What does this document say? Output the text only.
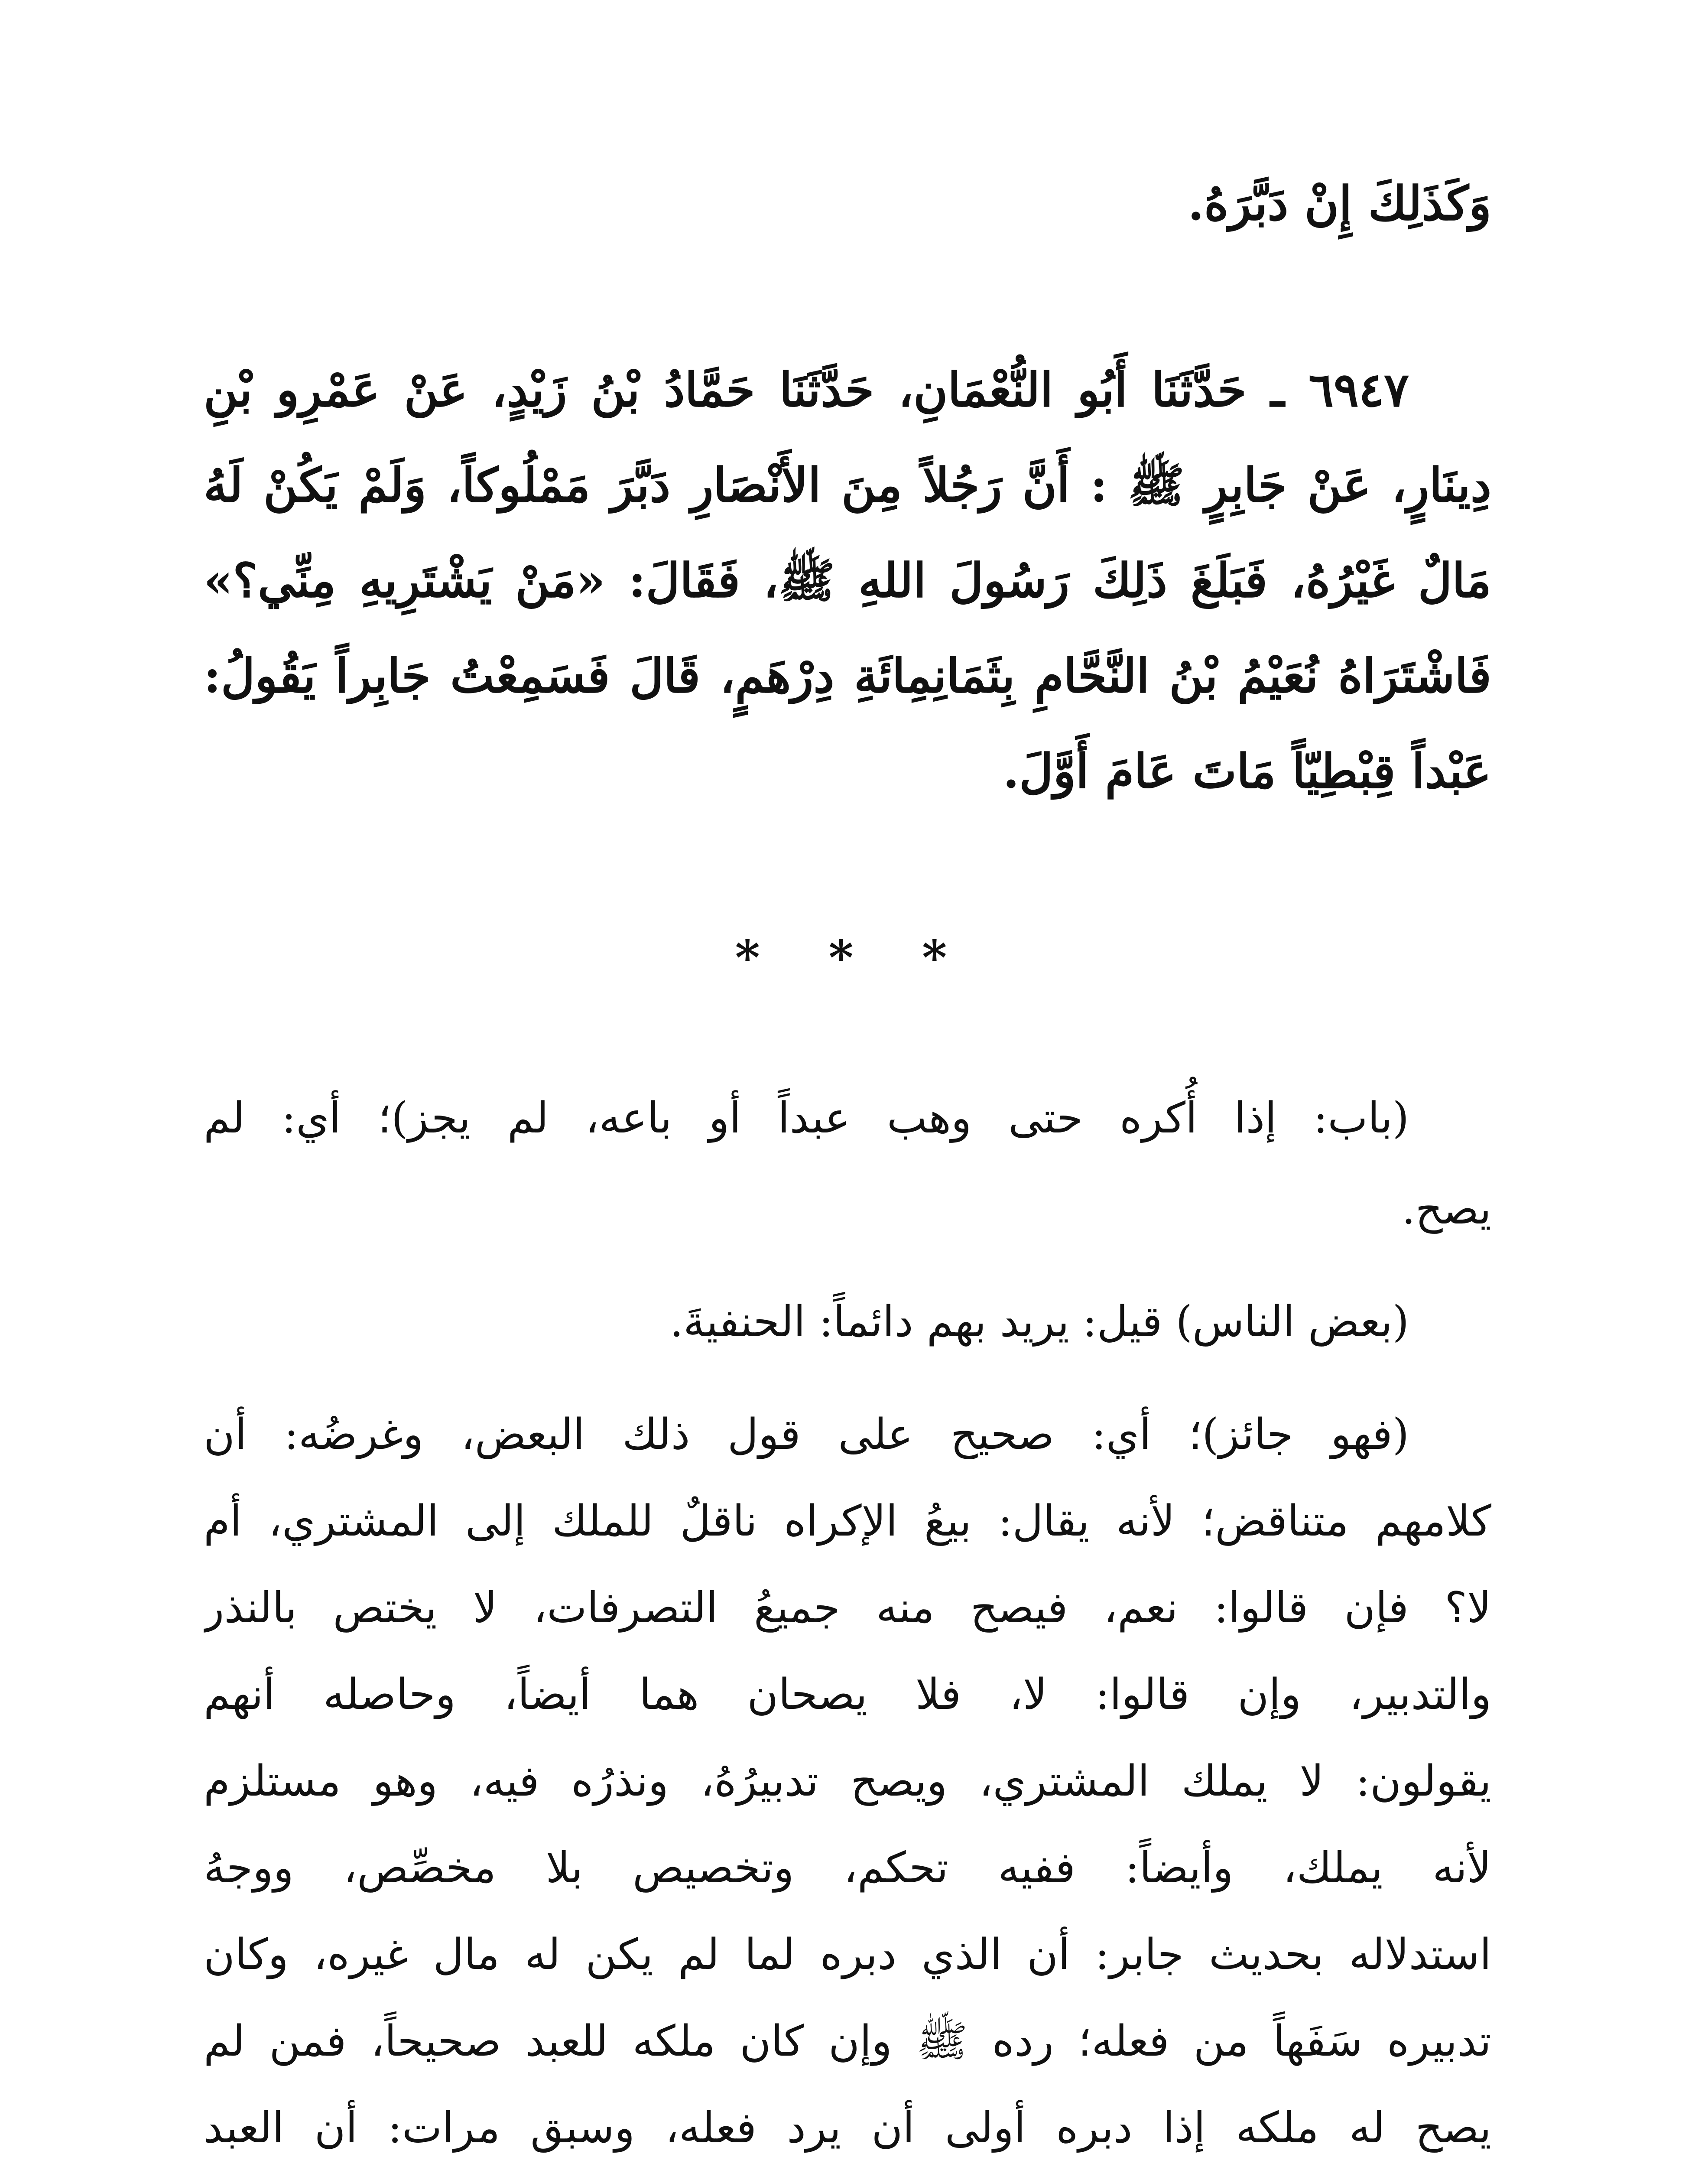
وَكَذَلِكَ إِنْ دَبَّرَهُ.
٦٩٤٧ ـ حَدَّثَنَا أَبُو النُّعْمَانِ، حَدَّثَنَا حَمَّادُ بْنُ زَيْدٍ، عَنْ عَمْرِو بْنِ
دِينَارٍ، عَنْ جَابِرٍ ﷺ : أَنَّ رَجُلاً مِنَ الأَنْصَارِ دَبَّرَ مَمْلُوكاً، وَلَمْ يَكُنْ لَهُ
مَالٌ غَيْرُهُ، فَبَلَغَ ذَلِكَ رَسُولَ اللهِ ﷺ، فَقَالَ: «مَنْ يَشْتَرِيهِ مِنِّي؟»
فَاشْتَرَاهُ نُعَيْمُ بْنُ النَّحَّامِ بِثَمَانِمِائَةِ دِرْهَمٍ، قَالَ فَسَمِعْتُ جَابِراً يَقُولُ:
عَبْداً قِبْطِيّاً مَاتَ عَامَ أَوَّلَ.
* * *
(باب: إذا أُكره حتى وهب عبداً أو باعه، لم يجز)؛ أي: لم
يصح.
(بعض الناس) قيل: يريد بهم دائماً: الحنفيةَ.
(فهو جائز)؛ أي: صحيح على قول ذلك البعض، وغرضُه: أن
كلامهم متناقض؛ لأنه يقال: بيعُ الإكراه ناقلٌ للملك إلى المشتري، أم
لا؟ فإن قالوا: نعم، فيصح منه جميعُ التصرفات، لا يختص بالنذر
والتدبير، وإن قالوا: لا، فلا يصحان هما أيضاً، وحاصله أنهم
يقولون: لا يملك المشتري، ويصح تدبيرُهُ، ونذرُه فيه، وهو مستلزم
لأنه يملك، وأيضاً: ففيه تحكم، وتخصيص بلا مخصِّص، ووجهُ
استدلاله بحديث جابر: أن الذي دبره لما لم يكن له مال غيره، وكان
تدبيره سَفَهاً من فعله؛ رده ﷺ وإن كان ملكه للعبد صحيحاً، فمن لم
يصح له ملكه إذا دبره أولى أن يرد فعله، وسبق مرات: أن العبد
